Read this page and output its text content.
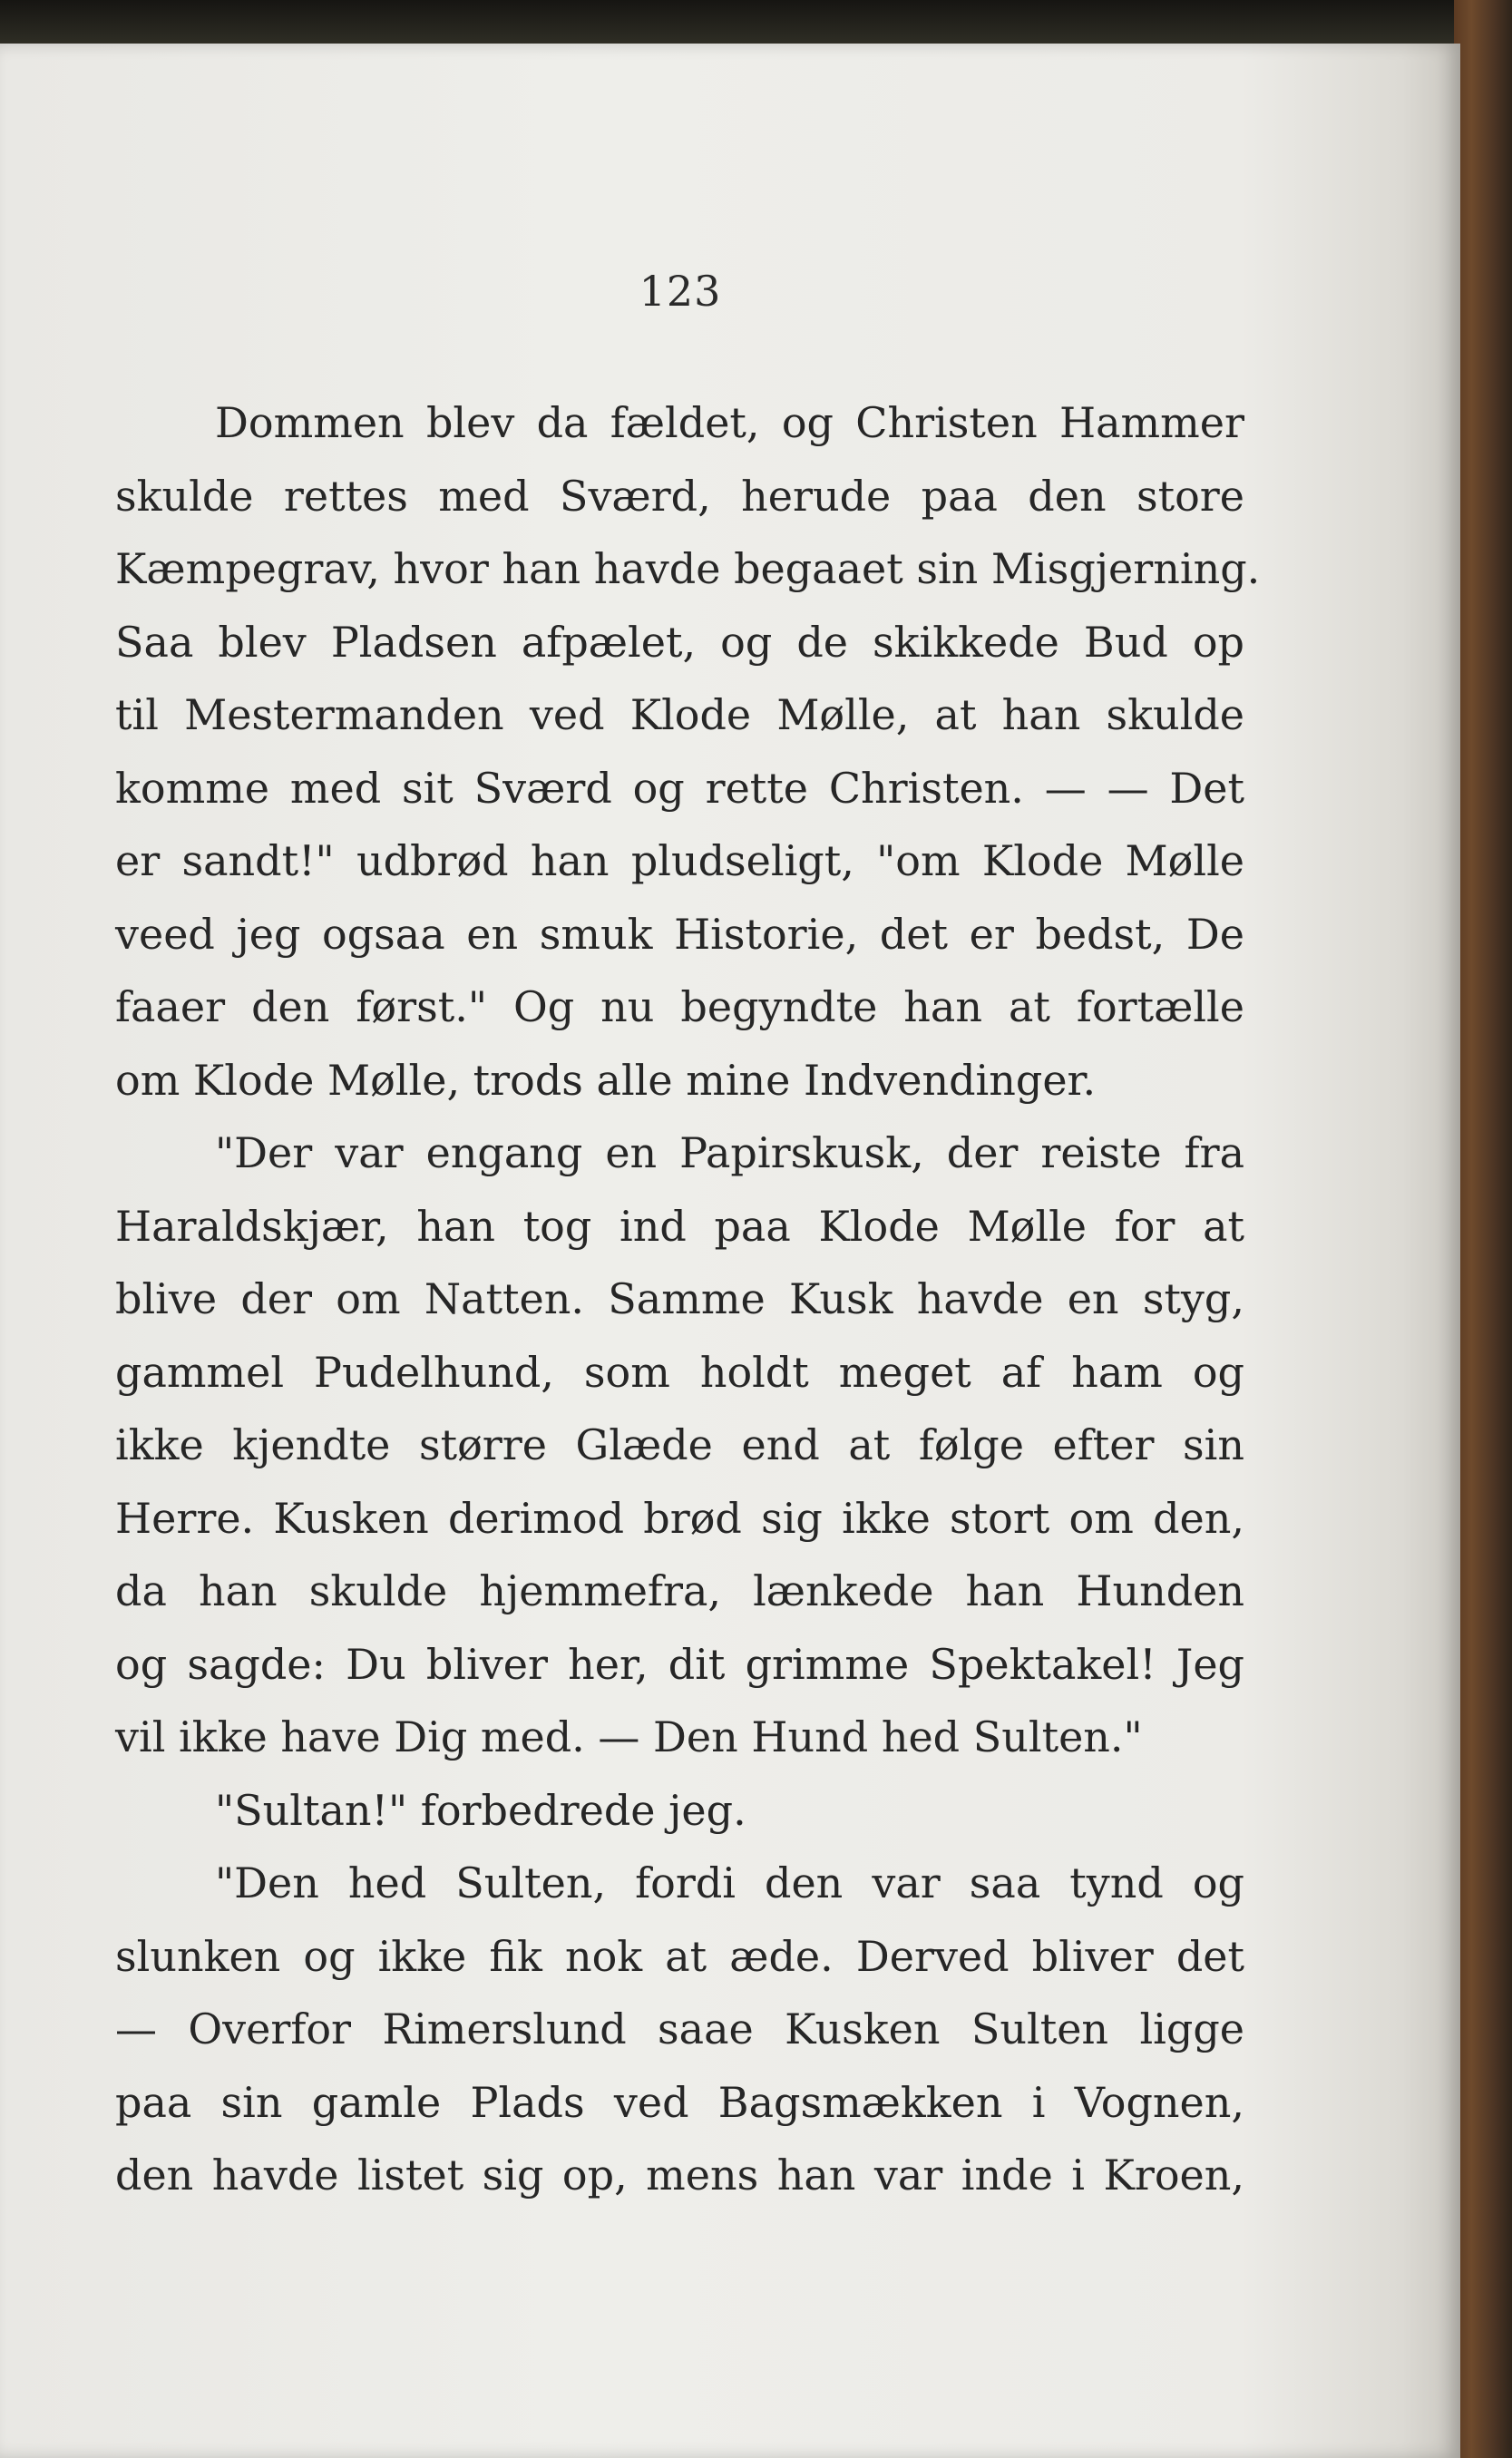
123
Dommen blev da fældet, og Christen Hammer
skulde rettes med Sværd, herude paa den store
Kæmpegrav, hvor han havde begaaet sin Misgjerning.
Saa blev Pladsen afpælet, og de skikkede Bud op
til Mestermanden ved Klode Mølle, at han skulde
komme med sit Sværd og rette Christen. — — Det
er sandt!" udbrød han pludseligt, "om Klode Mølle
veed jeg ogsaa en smuk Historie, det er bedst, De
faaer den først." Og nu begyndte han at fortælle
om Klode Mølle, trods alle mine Indvendinger.
"Der var engang en Papirskusk, der reiste fra
Haraldskjær, han tog ind paa Klode Mølle for at
blive der om Natten. Samme Kusk havde en styg,
gammel Pudelhund, som holdt meget af ham og
ikke kjendte større Glæde end at følge efter sin
Herre. Kusken derimod brød sig ikke stort om den,
da han skulde hjemmefra, lænkede han Hunden
og sagde: Du bliver her, dit grimme Spektakel! Jeg
vil ikke have Dig med. — Den Hund hed Sulten."
"Sultan!" forbedrede jeg.
"Den hed Sulten, fordi den var saa tynd og
slunken og ikke fik nok at æde. Derved bliver det
— Overfor Rimerslund saae Kusken Sulten ligge
paa sin gamle Plads ved Bagsmækken i Vognen,
den havde listet sig op, mens han var inde i Kroen,
